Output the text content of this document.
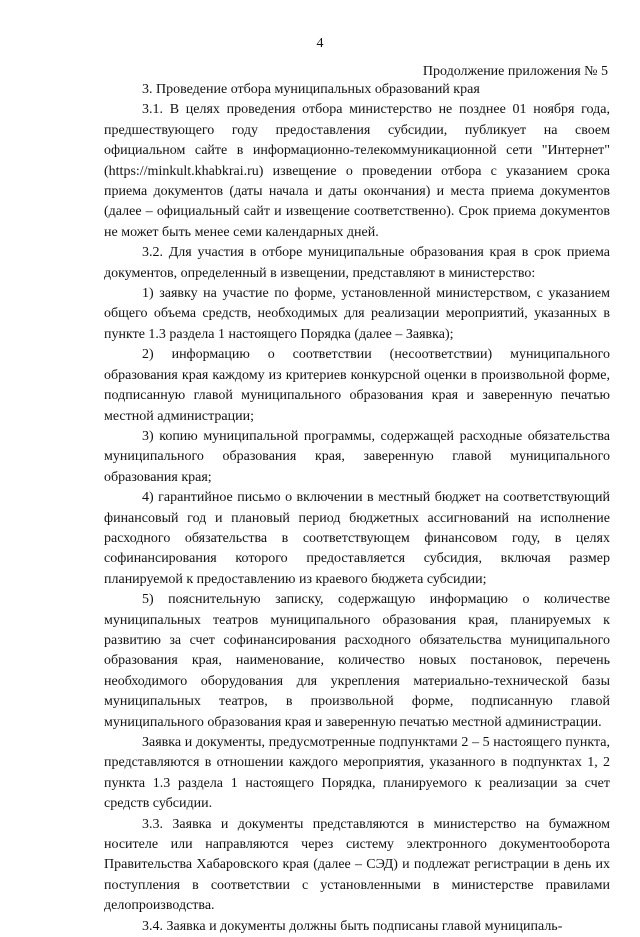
4
Продолжение приложения № 5

3. Проведение отбора муниципальных образований края

3.1. В целях проведения отбора министерство не позднее 01 ноября года, предшествующего году предоставления субсидии, публикует на своем официальном сайте в информационно-телекоммуникационной сети "Интернет" (https://minkult.khabkrai.ru) извещение о проведении отбора с указанием срока приема документов (даты начала и даты окончания) и места приема документов (далее – официальный сайт и извещение соответственно). Срок приема документов не может быть менее семи календарных дней.

3.2. Для участия в отборе муниципальные образования края в срок приема документов, определенный в извещении, представляют в министерство:

1) заявку на участие по форме, установленной министерством, с указанием общего объема средств, необходимых для реализации мероприятий, указанных в пункте 1.3 раздела 1 настоящего Порядка (далее – Заявка);

2) информацию о соответствии (несоответствии) муниципального образования края каждому из критериев конкурсной оценки в произвольной форме, подписанную главой муниципального образования края и заверенную печатью местной администрации;

3) копию муниципальной программы, содержащей расходные обязательства муниципального образования края, заверенную главой муниципального образования края;

4) гарантийное письмо о включении в местный бюджет на соответствующий финансовый год и плановый период бюджетных ассигнований на исполнение расходного обязательства в соответствующем финансовом году, в целях софинансирования которого предоставляется субсидия, включая размер планируемой к предоставлению из краевого бюджета субсидии;

5) пояснительную записку, содержащую информацию о количестве муниципальных театров муниципального образования края, планируемых к развитию за счет софинансирования расходного обязательства муниципального образования края, наименование, количество новых постановок, перечень необходимого оборудования для укрепления материально-технической базы муниципальных театров, в произвольной форме, подписанную главой муниципального образования края и заверенную печатью местной администрации.

Заявка и документы, предусмотренные подпунктами 2 – 5 настоящего пункта, представляются в отношении каждого мероприятия, указанного в подпунктах 1, 2 пункта 1.3 раздела 1 настоящего Порядка, планируемого к реализации за счет средств субсидии.

3.3. Заявка и документы представляются в министерство на бумажном носителе или направляются через систему электронного документооборота Правительства Хабаровского края (далее – СЭД) и подлежат регистрации в день их поступления в соответствии с установленными в министерстве правилами делопроизводства.

3.4. Заявка и документы должны быть подписаны главой муниципаль-
